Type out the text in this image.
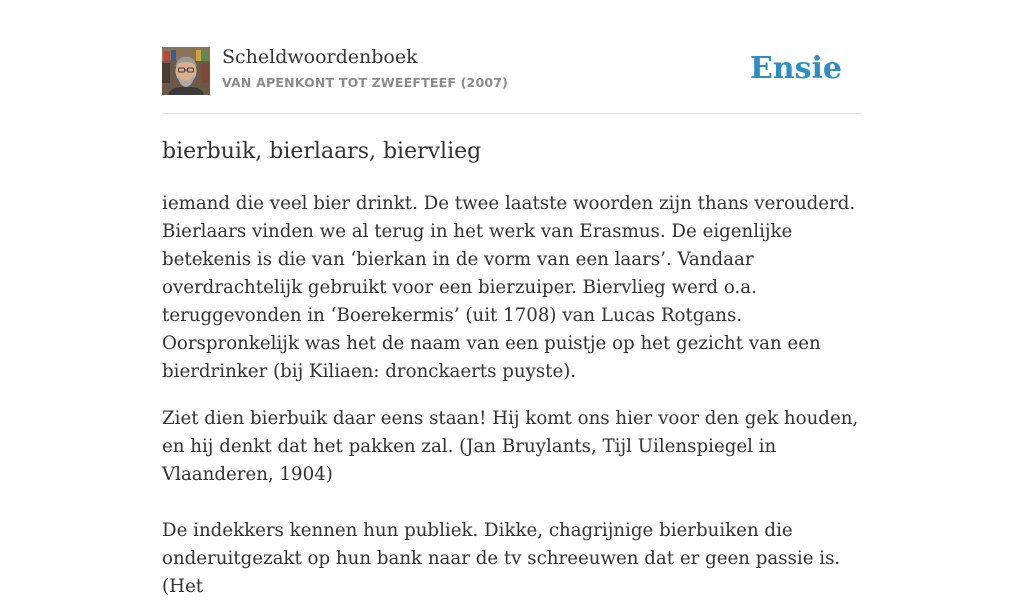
Scheldwoordenboek
VAN APENKONT TOT ZWEEFTEEF (2007)	Ensie
bierbuik, bierlaars, biervlieg

iemand die veel bier drinkt. De twee laatste woorden zijn thans verouderd. Bierlaars vinden we al terug in het werk van Erasmus. De eigenlijke betekenis is die van ‘bierkan in de vorm van een laars’. Vandaar overdrachtelijk gebruikt voor een bierzuiper. Biervlieg werd o.a. teruggevonden in ‘Boerekermis’ (uit 1708) van Lucas Rotgans. Oorspronkelijk was het de naam van een puistje op het gezicht van een bierdrinker (bij Kiliaen: dronckaerts puyste).

Ziet dien bierbuik daar eens staan! Hij komt ons hier voor den gek houden, en hij denkt dat het pakken zal. (Jan Bruylants, Tijl Uilenspiegel in Vlaanderen, 1904)

De indekkers kennen hun publiek. Dikke, chagrijnige bierbuiken die onderuitgezakt op hun bank naar de tv schreeuwen dat er geen passie is. (Het
